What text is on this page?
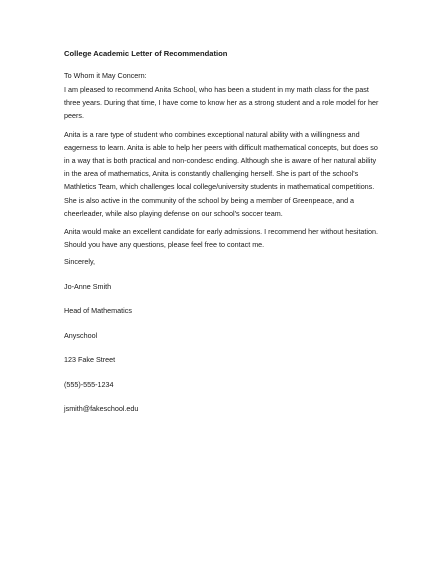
College Academic Letter of Recommendation
To Whom it May Concern:

I am pleased to recommend Anita School, who has been a student in my math class for the past three years. During that time, I have come to know her as a strong student and a role model for her peers.

Anita is a rare type of student who combines exceptional natural ability with a willingness and eagerness to learn. Anita is able to help her peers with difficult mathematical concepts, but does so in a way that is both practical and non-condesc ending. Although she is aware of her natural ability in the area of mathematics, Anita is constantly challenging herself. She is part of the school's Mathletics Team, which challenges local college/university students in mathematical competitions. She is also active in the community of the school by being a member of Greenpeace, and a cheerleader, while also playing defense on our school's soccer team.

Anita would make an excellent candidate for early admissions. I recommend her without hesitation. Should you have any questions, please feel free to contact me.

Sincerely,
Jo-Anne Smith
Head of Mathematics
Anyschool
123 Fake Street
(555)-555-1234
jsmith@fakeschool.edu
